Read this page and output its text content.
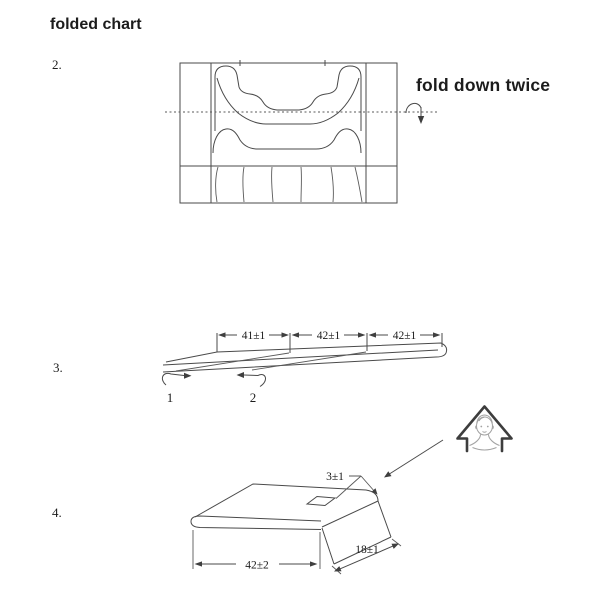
folded chart
2.
fold down twice
3.
41±1	42±1	42±1
1	2
4.
42±2
18±1
3±1
